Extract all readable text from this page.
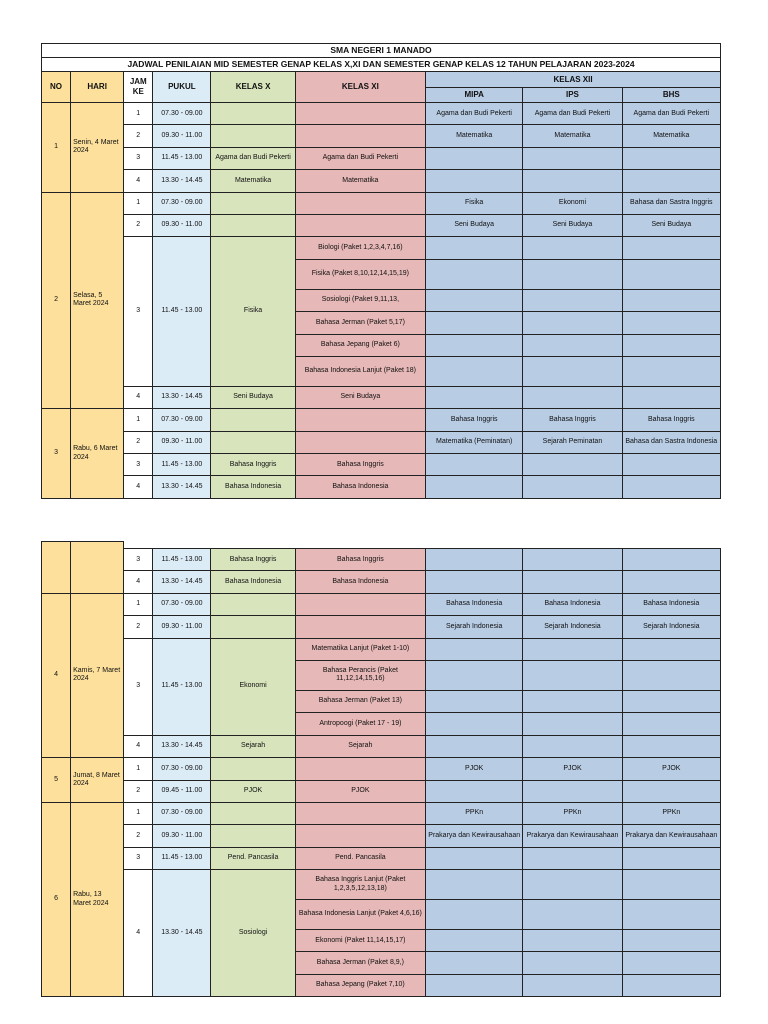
SMA NEGERI 1 MANADO								
JADWAL PENILAIAN MID SEMESTER GENAP KELAS X,XI DAN SEMESTER GENAP KELAS 12 TAHUN PELAJARAN 2023-2024								
NO	HARI	JAM KE	PUKUL	KELAS X	KELAS XI	KELAS XII		
						MIPA	IPS	BHS
1	Senin, 4 Maret 2024	1	07.30 - 09.00			Agama dan Budi Pekerti	Agama dan Budi Pekerti	Agama dan Budi Pekerti
		2	09.30 - 11.00			Matematika	Matematika	Matematika
		3	11.45 - 13.00	Agama dan Budi Pekerti	Agama dan Budi Pekerti			
		4	13.30 - 14.45	Matematika	Matematika			
2	Selasa, 5 Maret 2024	1	07.30 - 09.00			Fisika	Ekonomi	Bahasa dan Sastra Inggris
		2	09.30 - 11.00			Seni Budaya	Seni Budaya	Seni Budaya
		3	11.45 - 13.00	Fisika	Biologi (Paket 1,2,3,4,7,16)			
					Fisika (Paket 8,10,12,14,15,19)			
					Sosiologi (Paket 9,11,13,			
					Bahasa Jerman (Paket 5,17)			
					Bahasa Jepang (Paket 6)			
					Bahasa Indonesia Lanjut (Paket 18)			
		4	13.30 - 14.45	Seni Budaya	Seni Budaya			
3	Rabu, 6 Maret 2024	1	07.30 - 09.00			Bahasa Inggris	Bahasa Inggris	Bahasa Inggris
		2	09.30 - 11.00			Matematika (Peminatan)	Sejarah Peminatan	Bahasa dan Sastra Indonesia
		3	11.45 - 13.00	Bahasa Inggris	Bahasa Inggris			
		4	13.30 - 14.45	Bahasa Indonesia	Bahasa Indonesia			

		3	11.45 - 13.00	Bahasa Inggris	Bahasa Inggris			
		4	13.30 - 14.45	Bahasa Indonesia	Bahasa Indonesia			
4	Kamis, 7 Maret 2024	1	07.30 - 09.00			Bahasa Indonesia	Bahasa Indonesia	Bahasa Indonesia
		2	09.30 - 11.00			Sejarah Indonesia	Sejarah Indonesia	Sejarah Indonesia
		3	11.45 - 13.00	Ekonomi	Matematika Lanjut (Paket 1-10)			
					Bahasa Perancis (Paket 11,12,14,15,16)			
					Bahasa Jerman (Paket 13)			
					Antropoogi (Paket 17 - 19)			
		4	13.30 - 14.45	Sejarah	Sejarah			
5	Jumat, 8 Maret 2024	1	07.30 - 09.00			PJOK	PJOK	PJOK
		2	09.45 - 11.00	PJOK	PJOK			
6	Rabu, 13 Maret 2024	1	07.30 - 09.00			PPKn	PPKn	PPKn
		2	09.30 - 11.00			Prakarya dan Kewirausahaan	Prakarya dan Kewirausahaan	Prakarya dan Kewirausahaan
		3	11.45 - 13.00	Pend. Pancasila	Pend. Pancasila			
		4	13.30 - 14.45	Sosiologi	Bahasa Inggris Lanjut (Paket 1,2,3,5,12,13,18)			
					Bahasa Indonesia Lanjut (Paket 4,6,16)			
					Ekonomi (Paket 11,14,15,17)			
					Bahasa Jerman (Paket 8,9,)			
					Bahasa Jepang (Paket 7,10)			
